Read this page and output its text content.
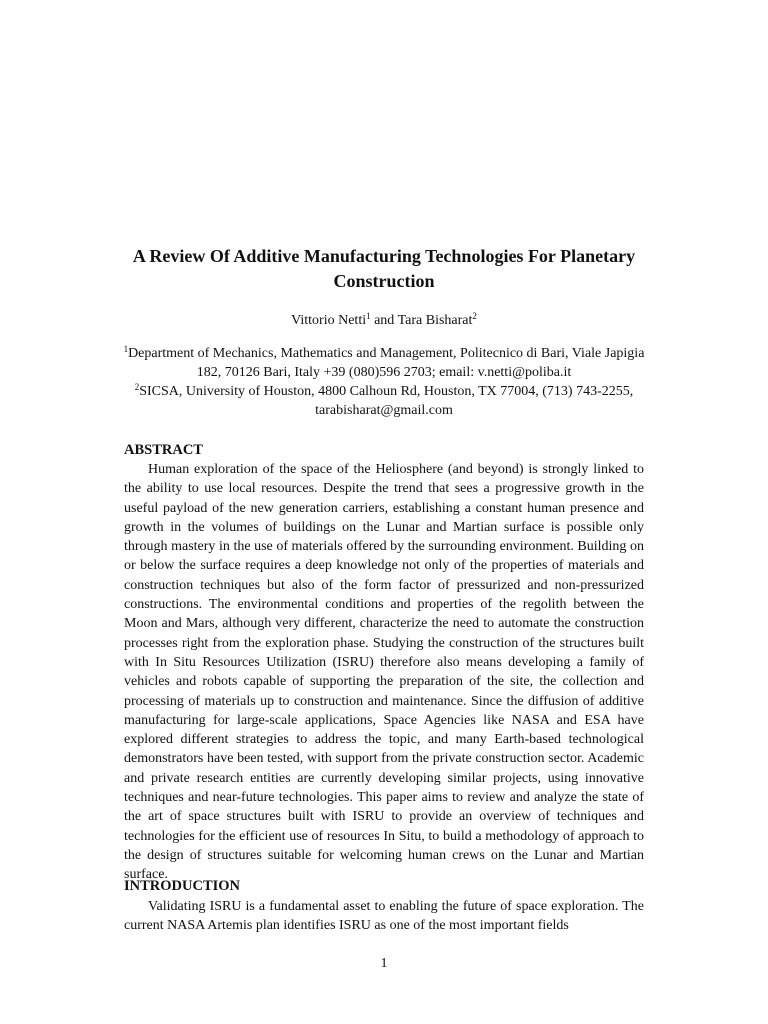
A Review Of Additive Manufacturing Technologies For Planetary Construction
Vittorio Netti$^1$ and Tara Bisharat$^2$
$^1$Department of Mechanics, Mathematics and Management, Politecnico di Bari, Viale Japigia 182, 70126 Bari, Italy +39 (080)596 2703; email: v.netti@poliba.it
$^2$SICSA, University of Houston, 4800 Calhoun Rd, Houston, TX 77004, (713) 743-2255, tarabisharat@gmail.com
ABSTRACT
Human exploration of the space of the Heliosphere (and beyond) is strongly linked to the ability to use local resources. Despite the trend that sees a progressive growth in the useful payload of the new generation carriers, establishing a constant human presence and growth in the volumes of buildings on the Lunar and Martian surface is possible only through mastery in the use of materials offered by the surrounding environment. Building on or below the surface requires a deep knowledge not only of the properties of materials and construction techniques but also of the form factor of pressurized and non-pressurized constructions. The environmental conditions and properties of the regolith between the Moon and Mars, although very different, characterize the need to automate the construction processes right from the exploration phase. Studying the construction of the structures built with In Situ Resources Utilization (ISRU) therefore also means developing a family of vehicles and robots capable of supporting the preparation of the site, the collection and processing of materials up to construction and maintenance. Since the diffusion of additive manufacturing for large-scale applications, Space Agencies like NASA and ESA have explored different strategies to address the topic, and many Earth-based technological demonstrators have been tested, with support from the private construction sector. Academic and private research entities are currently developing similar projects, using innovative techniques and near-future technologies. This paper aims to review and analyze the state of the art of space structures built with ISRU to provide an overview of techniques and technologies for the efficient use of resources In Situ, to build a methodology of approach to the design of structures suitable for welcoming human crews on the Lunar and Martian surface.
INTRODUCTION
Validating ISRU is a fundamental asset to enabling the future of space exploration. The current NASA Artemis plan identifies ISRU as one of the most important fields
1
